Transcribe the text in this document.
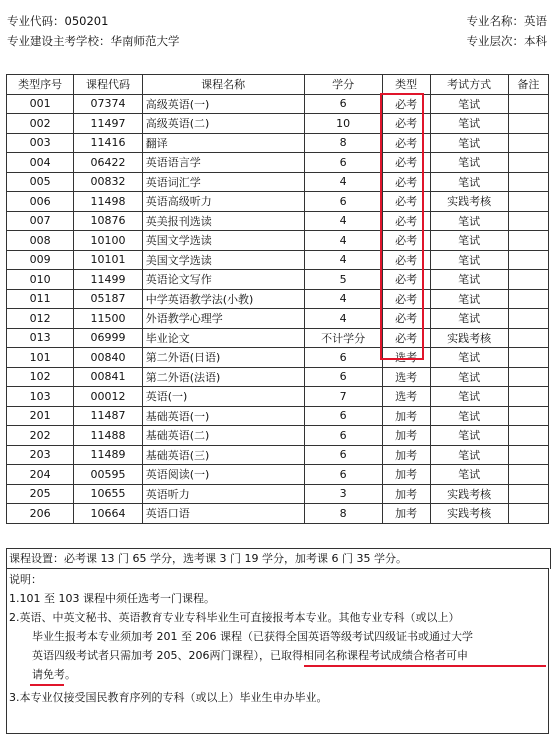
专业代码：050201
专业建设主考学校：华南师范大学
专业名称：英语
专业层次：本科
类型序号	课程代码	课程名称	学分	类型	考试方式	备注
001	07374	高级英语(一)	6	必考	笔试	
002	11497	高级英语(二)	10	必考	笔试	
003	11416	翻译	8	必考	笔试	
004	06422	英语语言学	6	必考	笔试	
005	00832	英语词汇学	4	必考	笔试	
006	11498	英语高级听力	6	必考	实践考核	
007	10876	英美报刊选读	4	必考	笔试	
008	10100	英国文学选读	4	必考	笔试	
009	10101	美国文学选读	4	必考	笔试	
010	11499	英语论文写作	5	必考	笔试	
011	05187	中学英语教学法(小教)	4	必考	笔试	
012	11500	外语教学心理学	4	必考	笔试	
013	06999	毕业论文	不计学分	必考	实践考核	
101	00840	第二外语(日语)	6	选考	笔试	
102	00841	第二外语(法语)	6	选考	笔试	
103	00012	英语(一)	7	选考	笔试	
201	11487	基础英语(一)	6	加考	笔试	
202	11488	基础英语(二)	6	加考	笔试	
203	11489	基础英语(三)	6	加考	笔试	
204	00595	英语阅读(一)	6	加考	笔试	
205	10655	英语听力	3	加考	实践考核	
206	10664	英语口语	8	加考	实践考核	
课程设置：必考课 13 门 65 学分，选考课 3 门 19 学分，加考课 6 门 35 学分。
说明：
1.101 至 103 课程中须任选考一门课程。
2.英语、中英文秘书、英语教育专业专科毕业生可直接报考本专业。其他专业专科（或以上）
毕业生报考本专业须加考 201 至 206 课程（已获得全国英语等级考试四级证书或通过大学
英语四级考试者只需加考 205、206两门课程），已取得相同名称课程考试成绩合格者可申
请免考。
3.本专业仅接受国民教育序列的专科（或以上）毕业生申办毕业。
